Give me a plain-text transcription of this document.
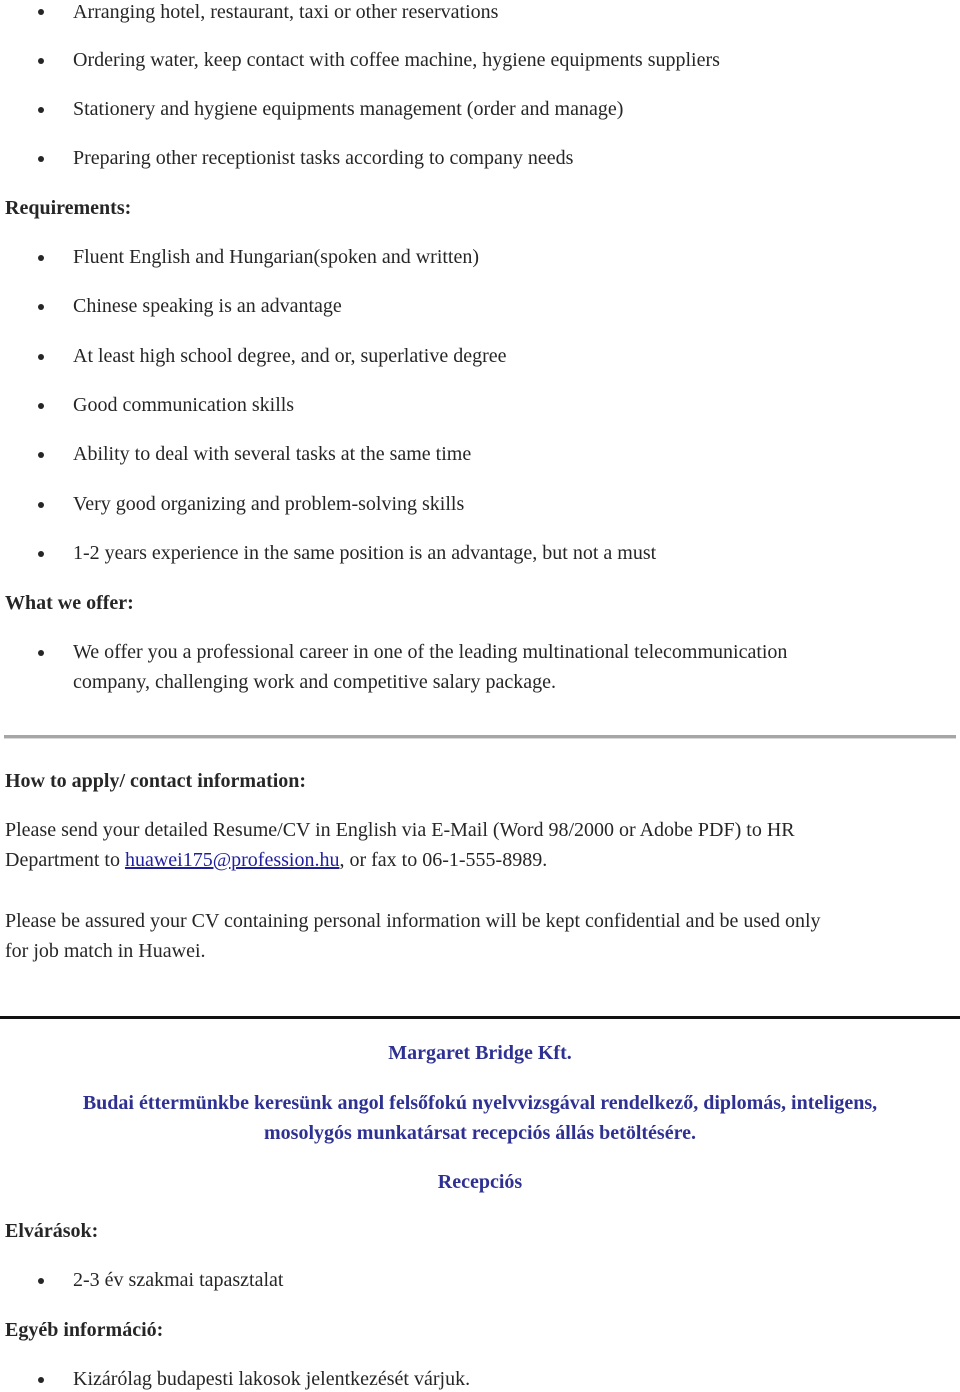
Arranging hotel, restaurant, taxi or other reservations
Ordering water, keep contact with coffee machine, hygiene equipments suppliers
Stationery and hygiene equipments management (order and manage)
Preparing other receptionist tasks according to company needs
Requirements:
Fluent English and Hungarian(spoken and written)
Chinese speaking is an advantage
At least high school degree, and or, superlative degree
Good communication skills
Ability to deal with several tasks at the same time
Very good organizing and problem-solving skills
1-2 years experience in the same position is an advantage, but not a must
What we offer:
We offer you a professional career in one of the leading multinational telecommunication
company, challenging work and competitive salary package.
How to apply/ contact information:
Please send your detailed Resume/CV in English via E-Mail (Word 98/2000 or Adobe PDF) to HR
Department to huawei175@profession.hu, or fax to 06-1-555-8989.
Please be assured your CV containing personal information will be kept confidential and be used only
for job match in Huawei.
Margaret Bridge Kft.
Budai éttermünkbe keresünk angol felsőfokú nyelvvizsgával rendelkező, diplomás, inteligens,
mosolygós munkatársat recepciós állás betöltésére.
Recepciós
Elvárások:
2-3 év szakmai tapasztalat
Egyéb információ:
Kizárólag budapesti lakosok jelentkezését várjuk.
